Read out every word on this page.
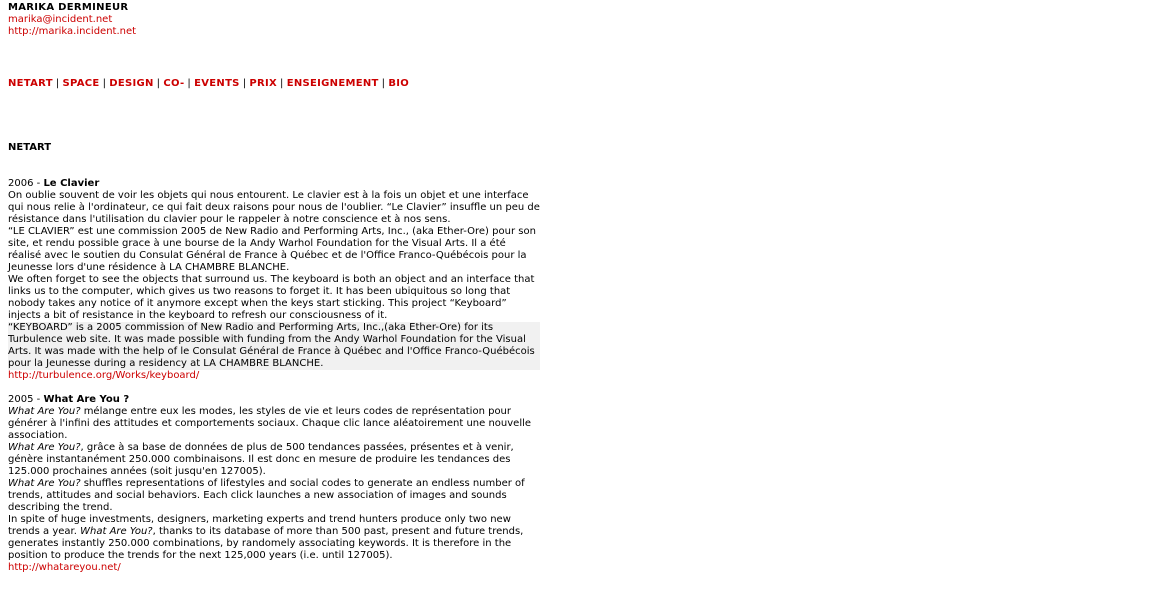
MARIKA DERMINEUR
marika@incident.net
http://marika.incident.net
NETART | SPACE | DESIGN | CO- | EVENTS | PRIX | ENSEIGNEMENT | BIO
NETART
2006 - Le Clavier

On oublie souvent de voir les objets qui nous entourent. Le clavier est à la fois un objet et une interface qui nous relie à l'ordinateur, ce qui fait deux raisons pour nous de l'oublier. “Le Clavier” insuffle un peu de résistance dans l'utilisation du clavier pour le rappeler à notre conscience et à nos sens.

“LE CLAVIER” est une commission 2005 de New Radio and Performing Arts, Inc., (aka Ether-Ore) pour son site, et rendu possible grace à une bourse de la Andy Warhol Foundation for the Visual Arts. Il a été réalisé avec le soutien du Consulat Général de France à Québec et de l'Office Franco-Québécois pour la Jeunesse lors d'une résidence à LA CHAMBRE BLANCHE.

We often forget to see the objects that surround us. The keyboard is both an object and an interface that links us to the computer, which gives us two reasons to forget it. It has been ubiquitous so long that nobody takes any notice of it anymore except when the keys start sticking. This project “Keyboard” injects a bit of resistance in the keyboard to refresh our consciousness of it.

“KEYBOARD” is a 2005 commission of New Radio and Performing Arts, Inc.,(aka Ether-Ore) for its Turbulence web site. It was made possible with funding from the Andy Warhol Foundation for the Visual Arts. It was made with the help of le Consulat Général de France à Québec and l'Office Franco-Québécois pour la Jeunesse during a residency at LA CHAMBRE BLANCHE.

http://turbulence.org/Works/keyboard/
2005 - What Are You ?

What Are You? mélange entre eux les modes, les styles de vie et leurs codes de représentation pour générer à l'infini des attitudes et comportements sociaux. Chaque clic lance aléatoirement une nouvelle association.

What Are You?, grâce à sa base de données de plus de 500 tendances passées, présentes et à venir, génère instantanément 250.000 combinaisons. Il est donc en mesure de produire les tendances des 125.000 prochaines années (soit jusqu'en 127005).

What Are You? shuffles representations of lifestyles and social codes to generate an endless number of trends, attitudes and social behaviors. Each click launches a new association of images and sounds describing the trend.

In spite of huge investments, designers, marketing experts and trend hunters produce only two new trends a year. What Are You?, thanks to its database of more than 500 past, present and future trends, generates instantly 250.000 combinations, by randomely associating keywords. It is therefore in the position to produce the trends for the next 125,000 years (i.e. until 127005).

http://whatareyou.net/
